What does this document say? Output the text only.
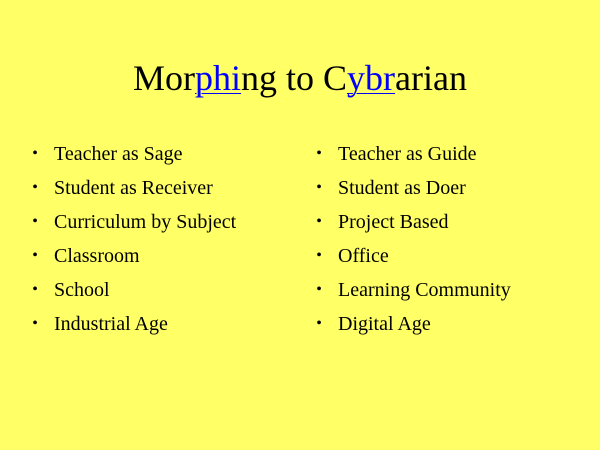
Morphing to Cybrarian
• Teacher as Sage
• Student as Receiver
• Curriculum by Subject
• Classroom
• School
• Industrial Age
• Teacher as Guide
• Student as Doer
• Project Based
• Office
• Learning Community
• Digital Age
